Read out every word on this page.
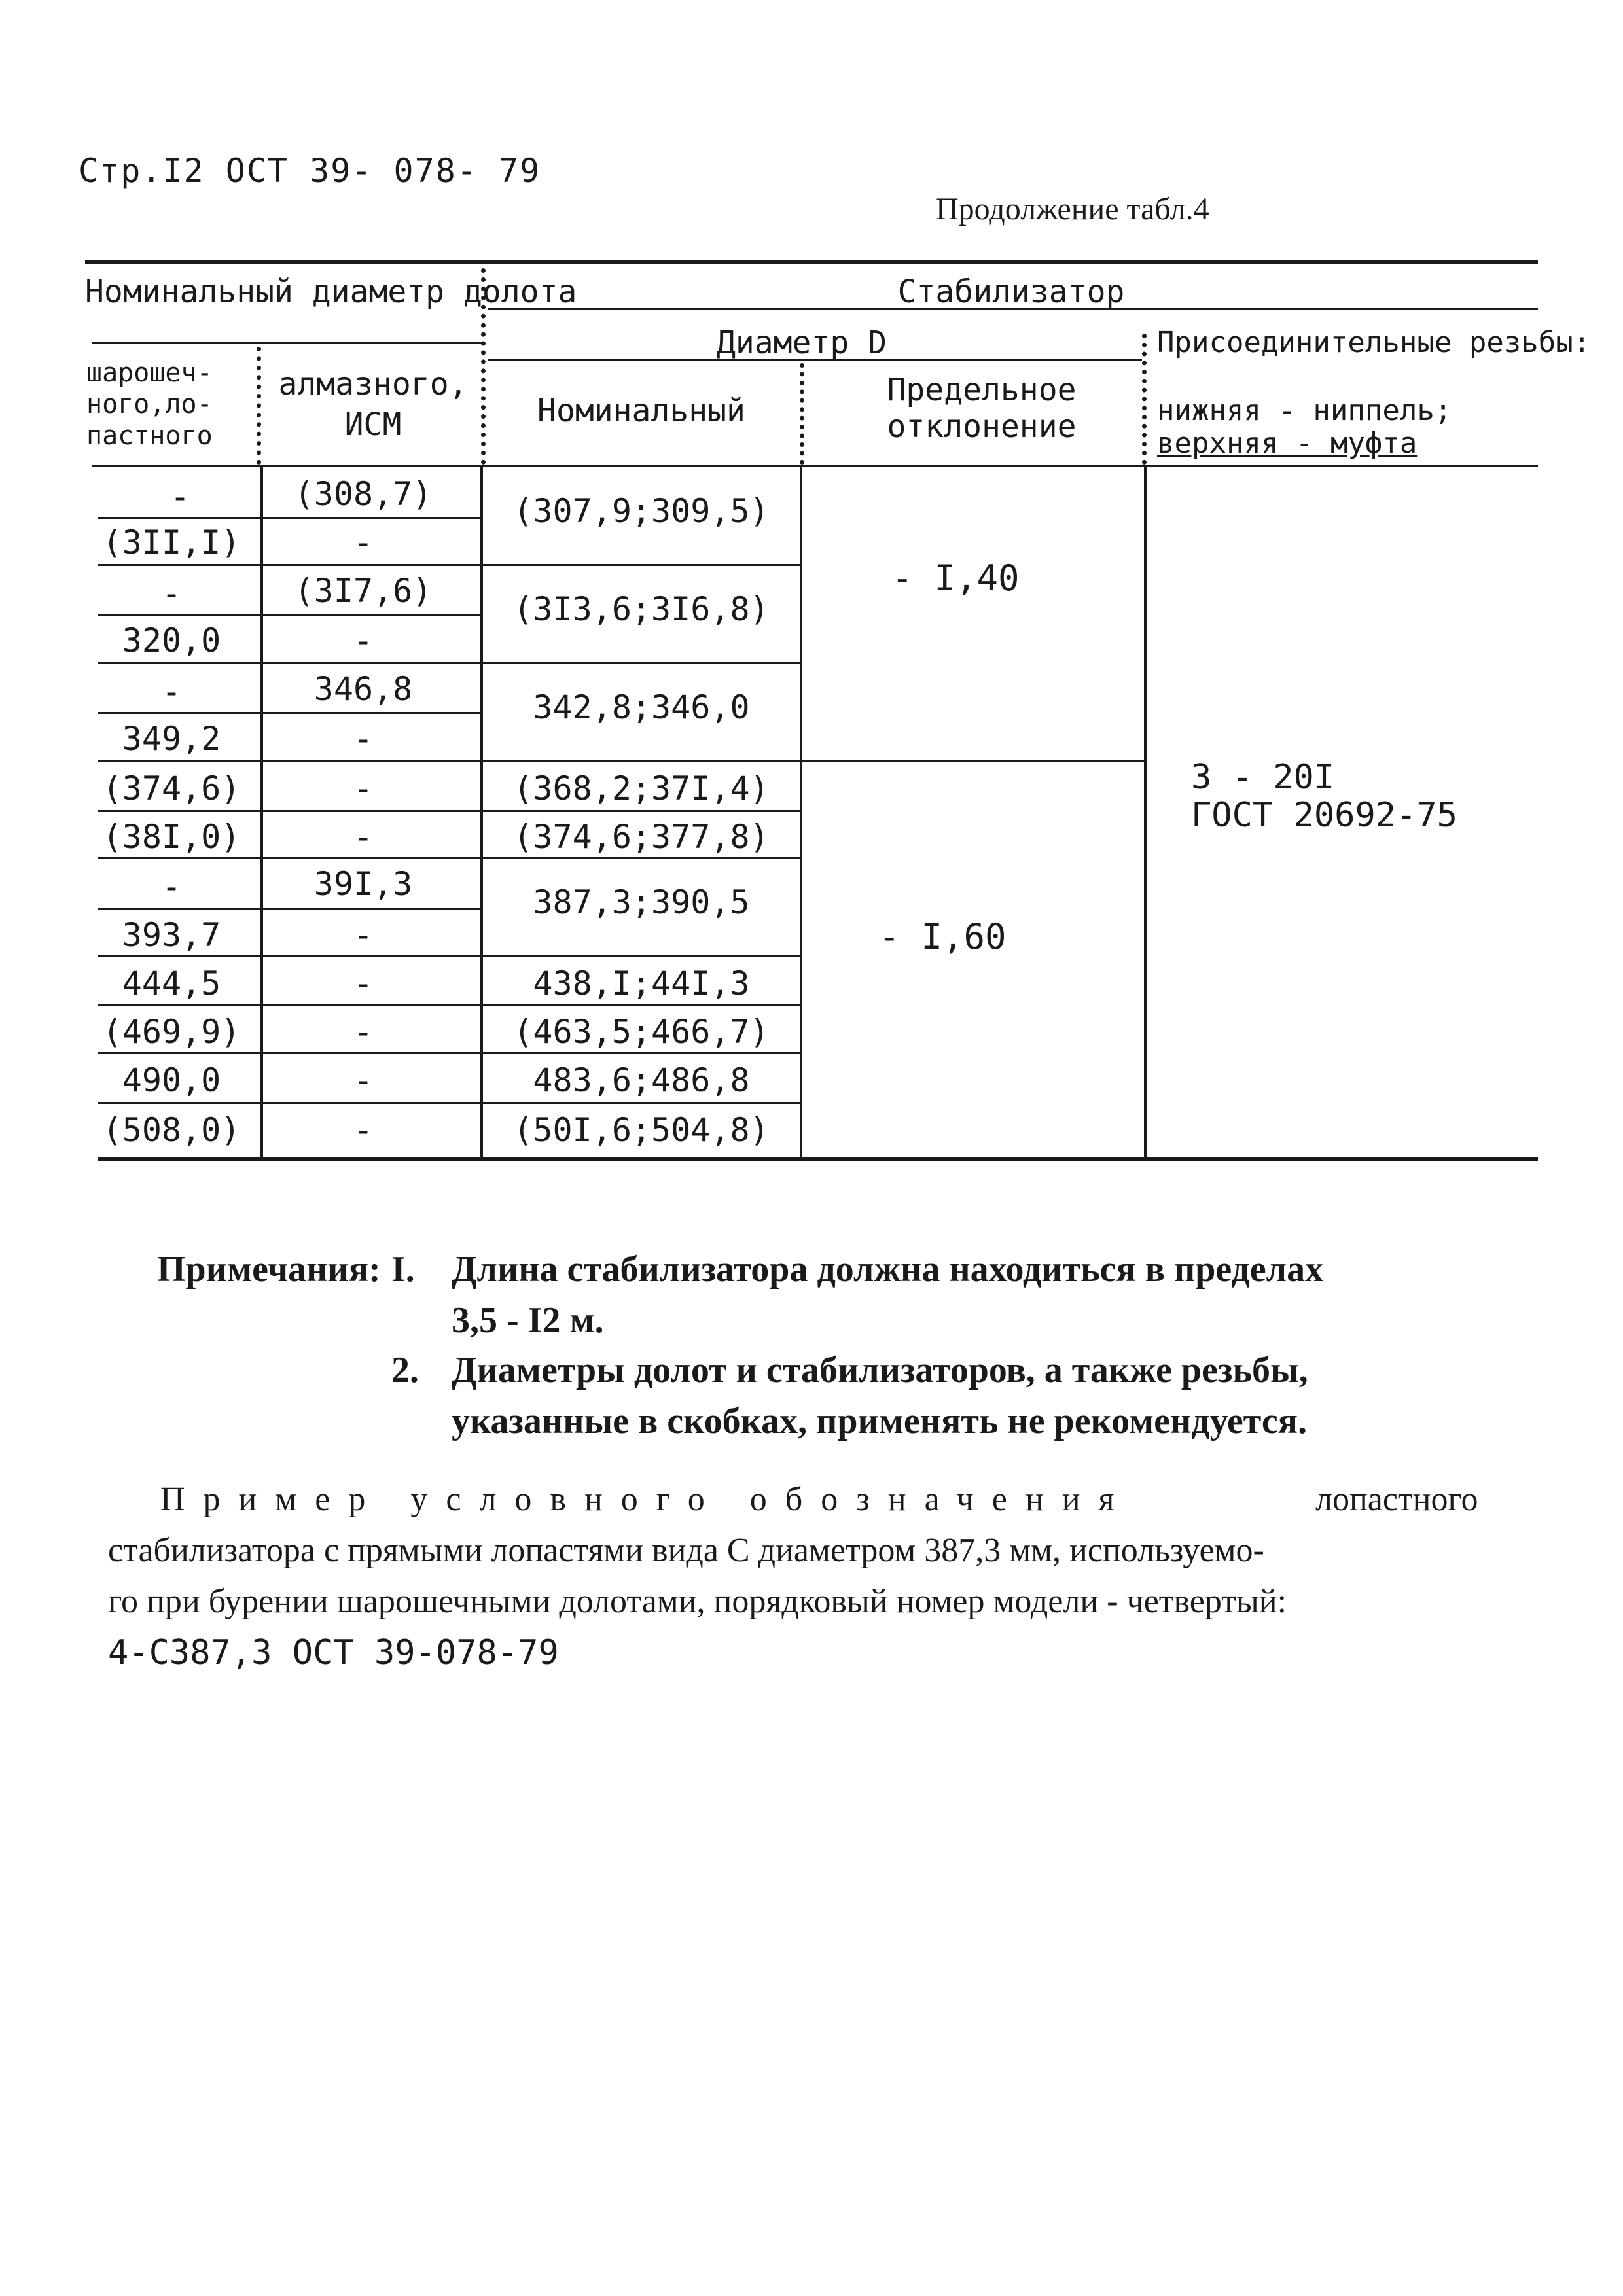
Стр.I2 ОСТ 39- 078- 79
Продолжение табл.4
Номинальный диаметр долота
шарошеч-ного,ло-пастного
алмазного, ИСМ
Стабилизатор
Диаметр D
Номинальный
Предельное отклонение
Присоединительные резьбы:
нижняя - ниппель;
верхняя - муфта
-
(3II,I)
-
320,0
-
349,2
(374,6)
(38I,0)
-
393,7
444,5
(469,9)
490,0
(508,0)
(308,7)
-
(3I7,6)
-
346,8
-
-
-
39I,3
-
-
-
-
-
(307,9;309,5)
(3I3,6;3I6,8)
342,8;346,0
(368,2;37I,4)
(374,6;377,8)
387,3;390,5
438,I;44I,3
(463,5;466,7)
483,6;486,8
(50I,6;504,8)
- I,40
- I,60
3 - 20I
ГОСТ 20692-75
Примечания: I. Длина стабилизатора должна находиться в пределах
3,5 - I2 м.
2. Диаметры долот и стабилизаторов, а также резьбы,
указанные в скобках, применять не рекомендуется.
Пример условного обозначения	лопастного
стабилизатора с прямыми лопастями вида С диаметром 387,3 мм, используемо-
го при бурении шарошечными долотами, порядковый номер модели - четвертый:
4-С387,3 ОСТ 39-078-79
